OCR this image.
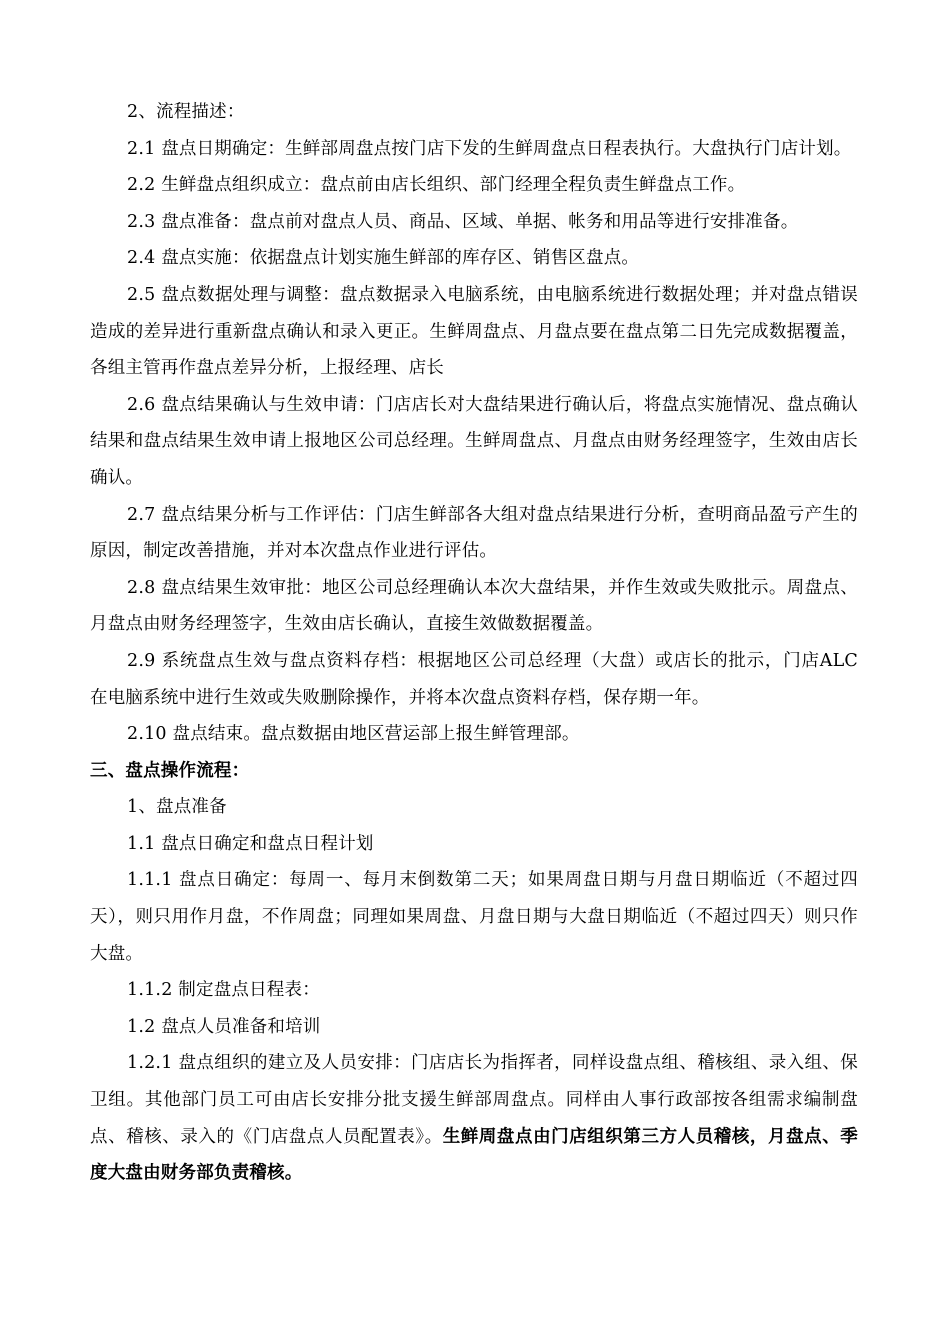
2、流程描述：

2.1 盘点日期确定：生鲜部周盘点按门店下发的生鲜周盘点日程表执行。大盘执行门店计划。

2.2 生鲜盘点组织成立：盘点前由店长组织、部门经理全程负责生鲜盘点工作。

2.3 盘点准备：盘点前对盘点人员、商品、区域、单据、帐务和用品等进行安排准备。

2.4 盘点实施：依据盘点计划实施生鲜部的库存区、销售区盘点。

2.5 盘点数据处理与调整：盘点数据录入电脑系统，由电脑系统进行数据处理；并对盘点错误造成的差异进行重新盘点确认和录入更正。生鲜周盘点、月盘点要在盘点第二日先完成数据覆盖，各组主管再作盘点差异分析，上报经理、店长

2.6 盘点结果确认与生效申请：门店店长对大盘结果进行确认后，将盘点实施情况、盘点确认结果和盘点结果生效申请上报地区公司总经理。生鲜周盘点、月盘点由财务经理签字，生效由店长确认。

2.7 盘点结果分析与工作评估：门店生鲜部各大组对盘点结果进行分析，查明商品盈亏产生的原因，制定改善措施，并对本次盘点作业进行评估。

2.8 盘点结果生效审批：地区公司总经理确认本次大盘结果，并作生效或失败批示。周盘点、月盘点由财务经理签字，生效由店长确认，直接生效做数据覆盖。

2.9 系统盘点生效与盘点资料存档：根据地区公司总经理（大盘）或店长的批示，门店ALC 在电脑系统中进行生效或失败删除操作，并将本次盘点资料存档，保存期一年。

2.10 盘点结束。盘点数据由地区营运部上报生鲜管理部。

三、盘点操作流程：

1、盘点准备

1.1 盘点日确定和盘点日程计划

1.1.1 盘点日确定：每周一、每月末倒数第二天；如果周盘日期与月盘日期临近（不超过四天），则只用作月盘，不作周盘；同理如果周盘、月盘日期与大盘日期临近（不超过四天）则只作大盘。

1.1.2 制定盘点日程表：

1.2 盘点人员准备和培训

1.2.1 盘点组织的建立及人员安排：门店店长为指挥者，同样设盘点组、稽核组、录入组、保卫组。其他部门员工可由店长安排分批支援生鲜部周盘点。同样由人事行政部按各组需求编制盘点、稽核、录入的《门店盘点人员配置表》。生鲜周盘点由门店组织第三方人员稽核，月盘点、季度大盘由财务部负责稽核。
